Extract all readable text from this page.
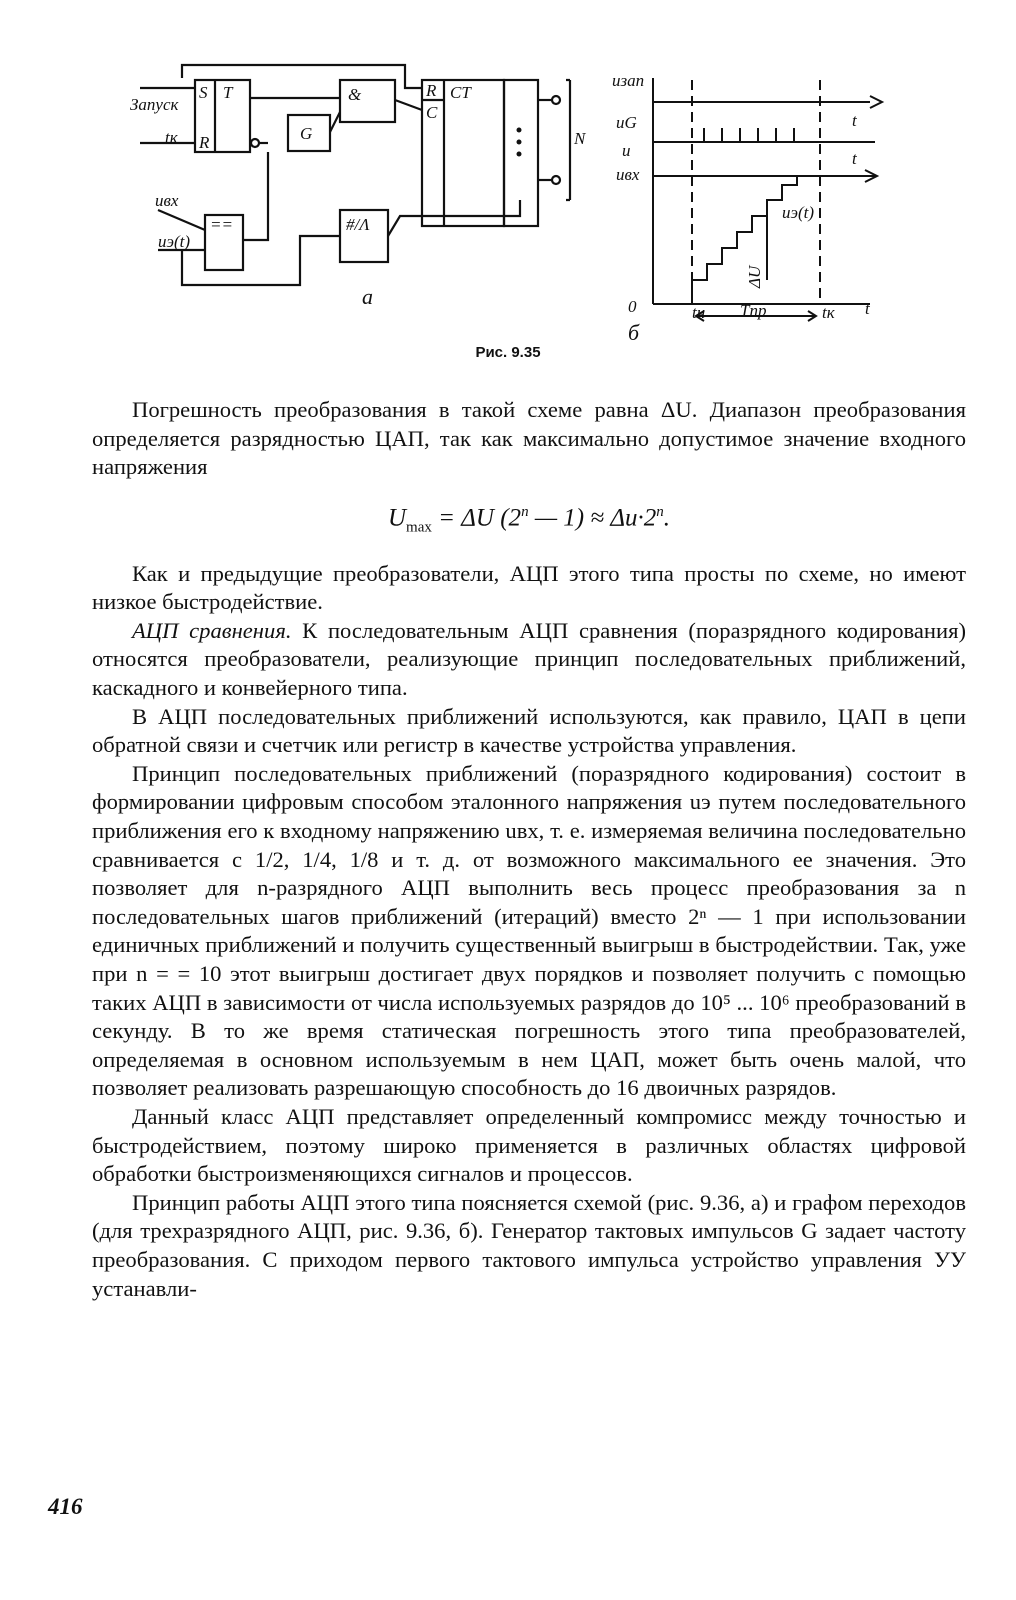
Запуск
tк
uвх
uэ(t)
S T
R
&
G
R
C
CT
==	#/Λ
N
а
uзап
uG
u
uвх
uэ(t)
ΔU
t
t
t
0	tн Tпр	tк
б
Рис. 9.35

Погрешность преобразования в такой схеме равна ΔU. Диапазон преобразования определяется разрядностью ЦАП, так как максимально допустимое значение входного напряжения

$U_{max} = \Delta U$ (2$^n$ — $1) \approx \Delta u\cdot 2^n$.

Как и предыдущие преобразователи, АЦП этого типа просты по схеме, но имеют низкое быстродействие.

АЦП сравнения. К последовательным АЦП сравнения (поразрядного кодирования) относятся преобразователи, реализующие принцип последовательных приближений, каскадного и конвейерного типа.

В АЦП последовательных приближений используются, как правило, ЦАП в цепи обратной связи и счетчик или регистр в качестве устройства управления.

Принцип последовательных приближений (поразрядного кодирования) состоит в формировании цифровым способом эталонного напряжения uэ путем последовательного приближения его к входному напряжению uвх, т. е. измеряемая величина последовательно сравнивается с 1/2, 1/4, 1/8 и т. д. от возможного максимального ее значения. Это позволяет для n-разрядного АЦП выполнить весь процесс преобразования за n последовательных шагов приближений (итераций) вместо 2ⁿ — 1 при использовании единичных приближений и получить существенный выигрыш в быстродействии. Так, уже при n = = 10 этот выигрыш достигает двух порядков и позволяет получить с помощью таких АЦП в зависимости от числа используемых разрядов до 10⁵ ... 10⁶ преобразований в секунду. В то же время статическая погрешность этого типа преобразователей, определяемая в основном используемым в нем ЦАП, может быть очень малой, что позволяет реализовать разрешающую способность до 16 двоичных разрядов.

Данный класс АЦП представляет определенный компромисс между точностью и быстродействием, поэтому широко применяется в различных областях цифровой обработки быстроизменяющихся сигналов и процессов.

Принцип работы АЦП этого типа поясняется схемой (рис. 9.36, а) и графом переходов (для трехразрядного АЦП, рис. 9.36, б). Генератор тактовых импульсов G задает частоту преобразования. С приходом первого тактового импульса устройство управления УУ устанавли-

416
